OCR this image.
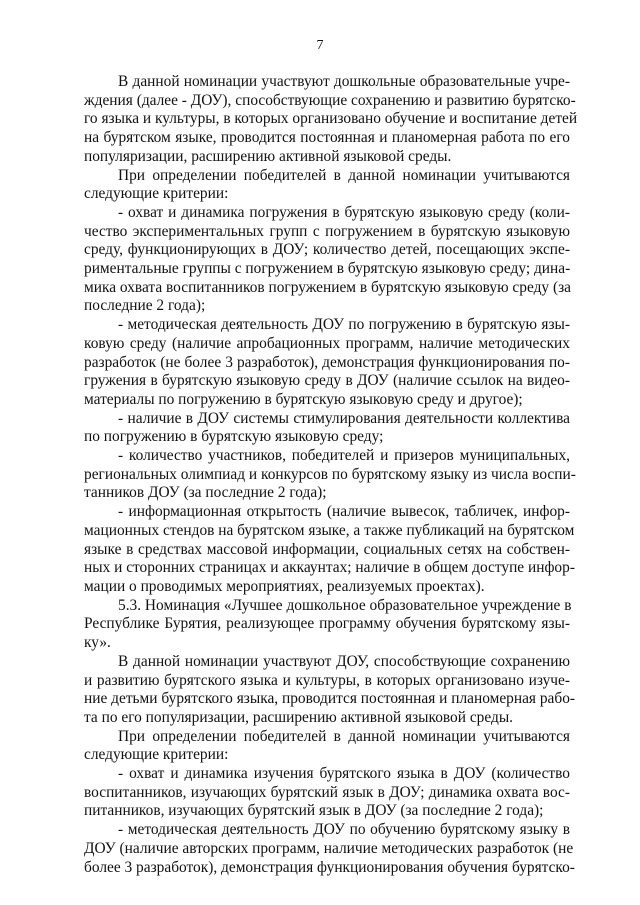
7

В данной номинации участвуют дошкольные образовательные учре-
ждения (далее - ДОУ), способствующие сохранению и развитию бурятско-
го языка и культуры, в которых организовано обучение и воспитание детей
на бурятском языке, проводится постоянная и планомерная работа по его
популяризации, расширению активной языковой среды.

При определении победителей в данной номинации учитываются
следующие критерии:

- охват и динамика погружения в бурятскую языковую среду (коли-
чество экспериментальных групп с погружением в бурятскую языковую
среду, функционирующих в ДОУ; количество детей, посещающих экспе-
риментальные группы с погружением в бурятскую языковую среду; дина-
мика охвата воспитанников погружением в бурятскую языковую среду (за
последние 2 года);

- методическая деятельность ДОУ по погружению в бурятскую язы-
ковую среду (наличие апробационных программ, наличие методических
разработок (не более 3 разработок), демонстрация функционирования по-
гружения в бурятскую языковую среду в ДОУ (наличие ссылок на видео-
материалы по погружению в бурятскую языковую среду и другое);

- наличие в ДОУ системы стимулирования деятельности коллектива
по погружению в бурятскую языковую среду;

- количество участников, победителей и призеров муниципальных,
региональных олимпиад и конкурсов по бурятскому языку из числа воспи-
танников ДОУ (за последние 2 года);

- информационная открытость (наличие вывесок, табличек, инфор-
мационных стендов на бурятском языке, а также публикаций на бурятском
языке в средствах массовой информации, социальных сетях на собствен-
ных и сторонних страницах и аккаунтах; наличие в общем доступе инфор-
мации о проводимых мероприятиях, реализуемых проектах).

5.3. Номинация «Лучшее дошкольное образовательное учреждение в
Республике Бурятия, реализующее программу обучения бурятскому язы-
ку».

В данной номинации участвуют ДОУ, способствующие сохранению
и развитию бурятского языка и культуры, в которых организовано изуче-
ние детьми бурятского языка, проводится постоянная и планомерная рабо-
та по его популяризации, расширению активной языковой среды.

При определении победителей в данной номинации учитываются
следующие критерии:

- охват и динамика изучения бурятского языка в ДОУ (количество
воспитанников, изучающих бурятский язык в ДОУ; динамика охвата вос-
питанников, изучающих бурятский язык в ДОУ (за последние 2 года);

- методическая деятельность ДОУ по обучению бурятскому языку в
ДОУ (наличие авторских программ, наличие методических разработок (не
более 3 разработок), демонстрация функционирования обучения бурятско-
